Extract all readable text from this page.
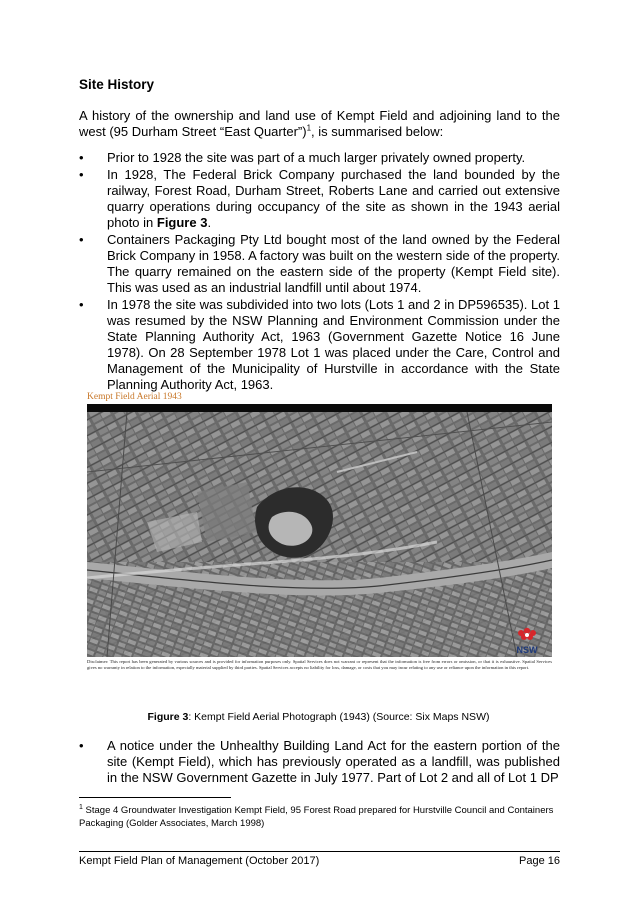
Site History
A history of the ownership and land use of Kempt Field and adjoining land to the west (95 Durham Street “East Quarter”)$^1$, is summarised below:
• Prior to 1928 the site was part of a much larger privately owned property.
• In 1928, The Federal Brick Company purchased the land bounded by the railway, Forest Road, Durham Street, Roberts Lane and carried out extensive quarry operations during occupancy of the site as shown in the 1943 aerial photo in Figure 3.
• Containers Packaging Pty Ltd bought most of the land owned by the Federal Brick Company in 1958. A factory was built on the western side of the property. The quarry remained on the eastern side of the property (Kempt Field site). This was used as an industrial landfill until about 1974.
• In 1978 the site was subdivided into two lots (Lots 1 and 2 in DP596535). Lot 1 was resumed by the NSW Planning and Environment Commission under the State Planning Authority Act, 1963 (Government Gazette Notice 16 June 1978). On 28 September 1978 Lot 1 was placed under the Care, Control and Management of the Municipality of Hurstville in accordance with the State Planning Authority Act, 1963.
Kempt Field Aerial 1943
NSW
Disclaimer: This report has been generated by various sources and is provided for information purposes only. Spatial Services does not warrant or represent that the information is free from errors or omission, or that it is exhaustive. Spatial Services gives no warranty in relation to the information, especially material supplied by third parties. Spatial Services accepts no liability for loss, damage, or costs that you may incur relating to any use or reliance upon the information in this report.
Figure 3: Kempt Field Aerial Photograph (1943) (Source: Six Maps NSW)
• A notice under the Unhealthy Building Land Act for the eastern portion of the site (Kempt Field), which has previously operated as a landfill, was published in the NSW Government Gazette in July 1977. Part of Lot 2 and all of Lot 1 DP
$^1$ Stage 4 Groundwater Investigation Kempt Field, 95 Forest Road prepared for Hurstville Council and Containers Packaging (Golder Associates, March 1998)
Kempt Field Plan of Management (October 2017)	Page 16
